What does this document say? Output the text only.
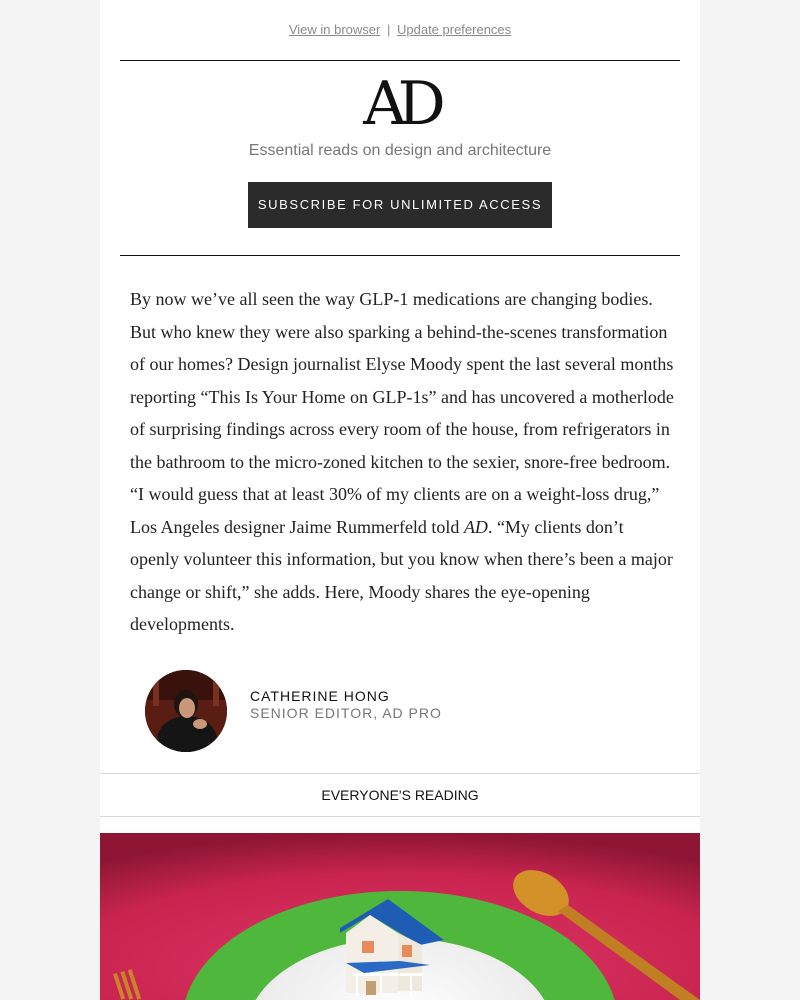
View in browser | Update preferences
AD
Essential reads on design and architecture
SUBSCRIBE FOR UNLIMITED ACCESS

By now we’ve all seen the way GLP-1 medications are changing bodies. But who knew they were also sparking a behind-the-scenes transformation of our homes? Design journalist Elyse Moody spent the last several months reporting “This Is Your Home on GLP-1s” and has uncovered a motherlode of surprising findings across every room of the house, from refrigerators in the bathroom to the micro-zoned kitchen to the sexier, snore-free bedroom. “I would guess that at least 30% of my clients are on a weight-loss drug,” Los Angeles designer Jaime Rummerfeld told AD. “My clients don’t openly volunteer this information, but you know when there’s been a major change or shift,” she adds. Here, Moody shares the eye-opening developments.

CATHERINE HONG
SENIOR EDITOR, AD PRO
EVERYONE'S READING
